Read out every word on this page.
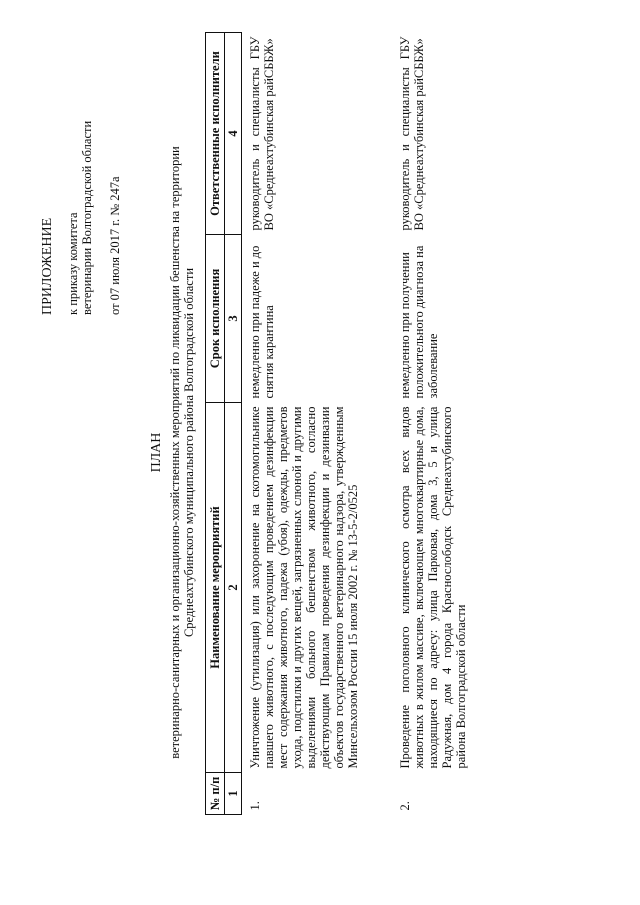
ПРИЛОЖЕНИЕ к приказу комитета ветеринарии Волгоградской области от 07 июля 2017 г. № 247а
ПЛАН ветеринарно-санитарных и организационно-хозяйственных мероприятий по ликвидации бешенства на территории Среднеахтубинского муниципального района Волгоградской области
№ п/п	Наименование мероприятий	Срок исполнения	Ответственные исполнители
1	2	3	4
1.	Уничтожение (утилизация) или захоронение на скотомогильнике павшего животного, с последующим проведением дезинфекции мест содержания животного, падежа (убоя), одежды, предметов ухода, подстилки и других вещей, загрязненных слюной и другими выделениями больного бешенством животного, согласно действующим Правилам проведения дезинфекции и дезинвазии объектов государственного ветеринарного надзора, утвержденным Минсельхозом России 15 июля 2002 г. № 13-5-2/0525	немедленно при падеже и до снятия карантина	руководитель и специалисты ГБУ ВО «Среднеахтубинская райСББЖ»

2.	Проведение поголовного клинического осмотра всех видов животных в жилом массиве, включающем многоквартирные дома, находящиеся по адресу: улица Парковая, дома 3, 5 и улица Радужная, дом 4 города Краснослободск Среднеахтубинского района Волгоградской области	немедленно при получении положительного диагноза на заболевание	руководитель и специалисты ГБУ ВО «Среднеахтубинская райСББЖ»
